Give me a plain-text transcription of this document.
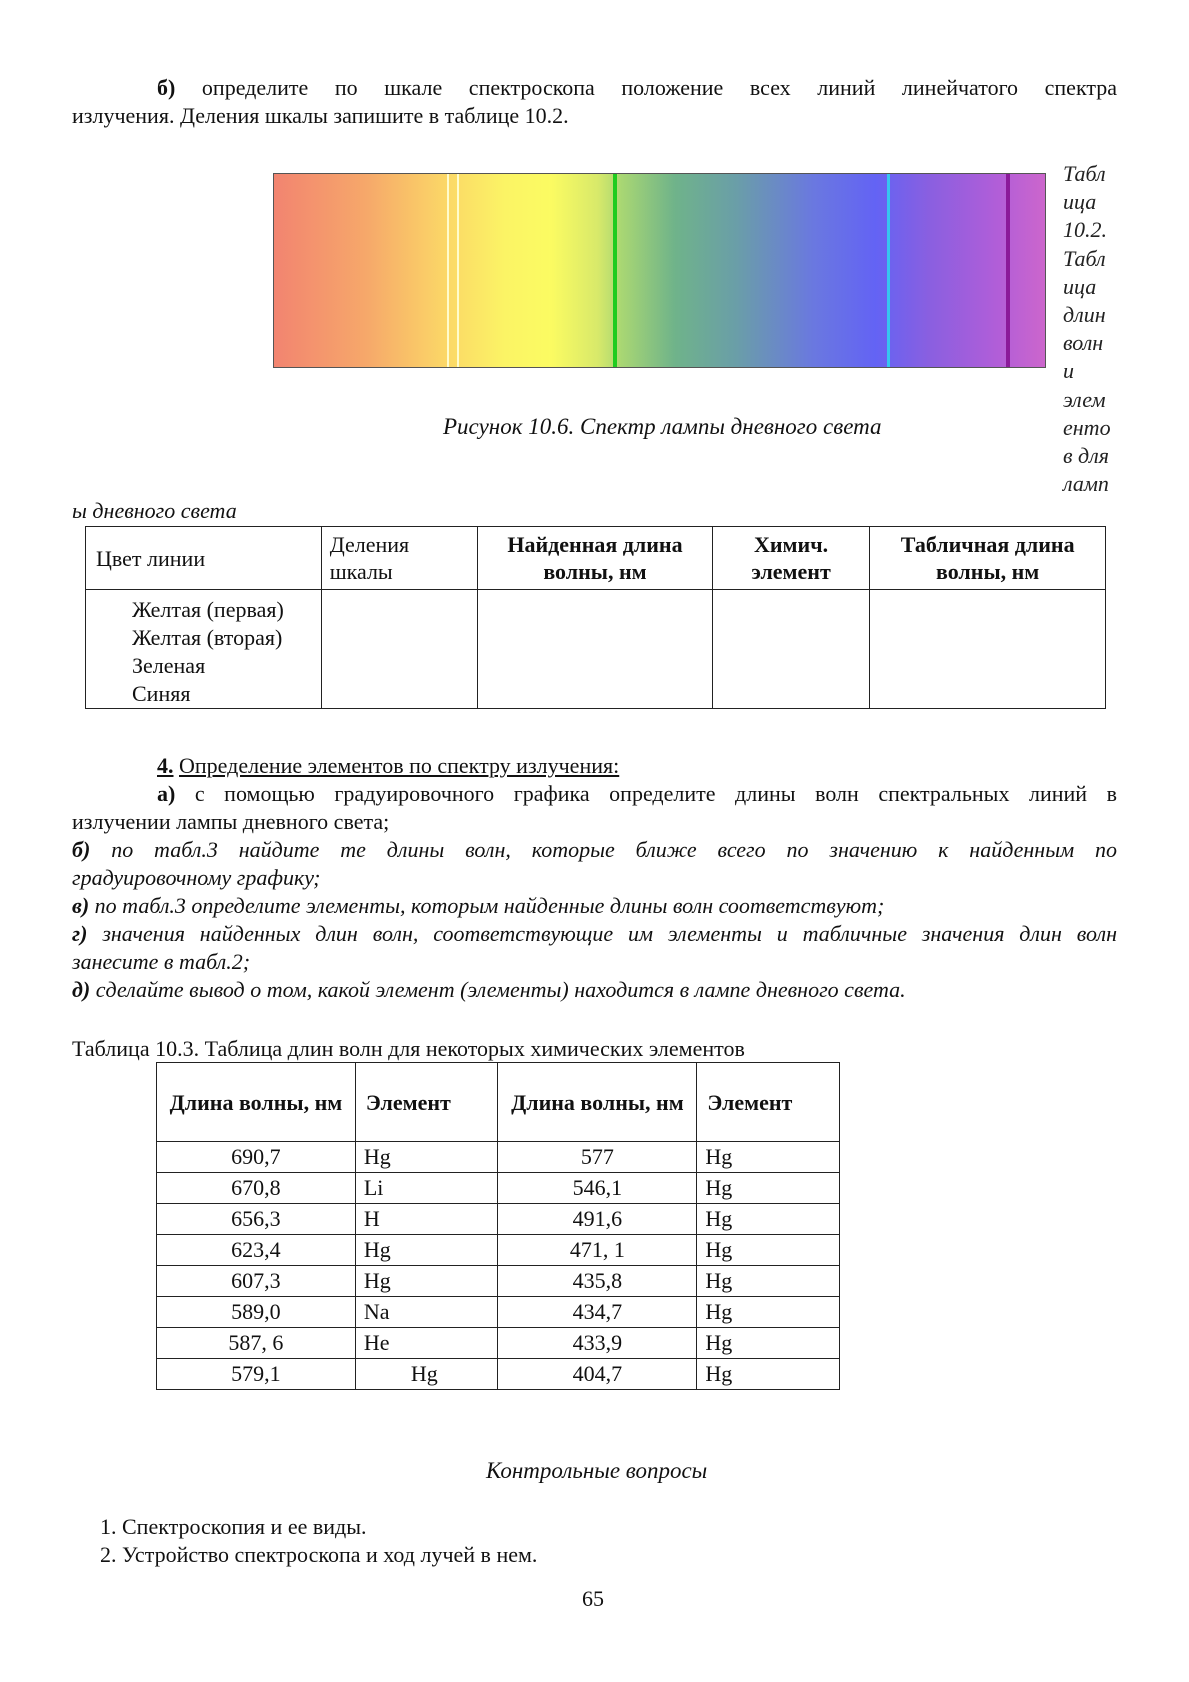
б) определите по шкале спектроскопа положение всех линий линейчатого спектра
излучения. Деления шкалы запишите в таблице 10.2.
Рисунок 10.6. Спектр лампы дневного света
Табл
ица
10.2.
Табл
ица
длин
волн
и
элем
енто
в для
ламп
ы дневного света
Цвет линии	Деления шкалы	Найденная длина волны, нм	Химич. элемент	Табличная длина волны, нм

Желтая (первая)
Желтая (вторая)
Зеленая
Синяя				

4. Определение элементов по спектру излучения:
а) с помощью градуировочного графика определите длины волн спектральных линий в
излучении лампы дневного света;
б) по табл.3 найдите те длины волн, которые ближе всего по значению к найденным по
градуировочному графику;
в) по табл.3 определите элементы, которым найденные длины волн соответствуют;
г) значения найденных длин волн, соответствующие им элементы и табличные значения длин волн
занесите в табл.2;
д) сделайте вывод о том, какой элемент (элементы) находится в лампе дневного света.
Таблица 10.3. Таблица длин волн для некоторых химических элементов
Длина волны, нм	Элемент	Длина волны, нм	Элемент
690,7	Hg	577	Hg
670,8	Li	546,1	Hg
656,3	H	491,6	Hg
623,4	Hg	471, 1	Hg
607,3	Hg	435,8	Hg
589,0	Na	434,7	Hg
587, 6	He	433,9	Hg
579,1	Hg	404,7	Hg
Контрольные вопросы
1. Спектроскопия и ее виды.
2. Устройство спектроскопа и ход лучей в нем.
65
